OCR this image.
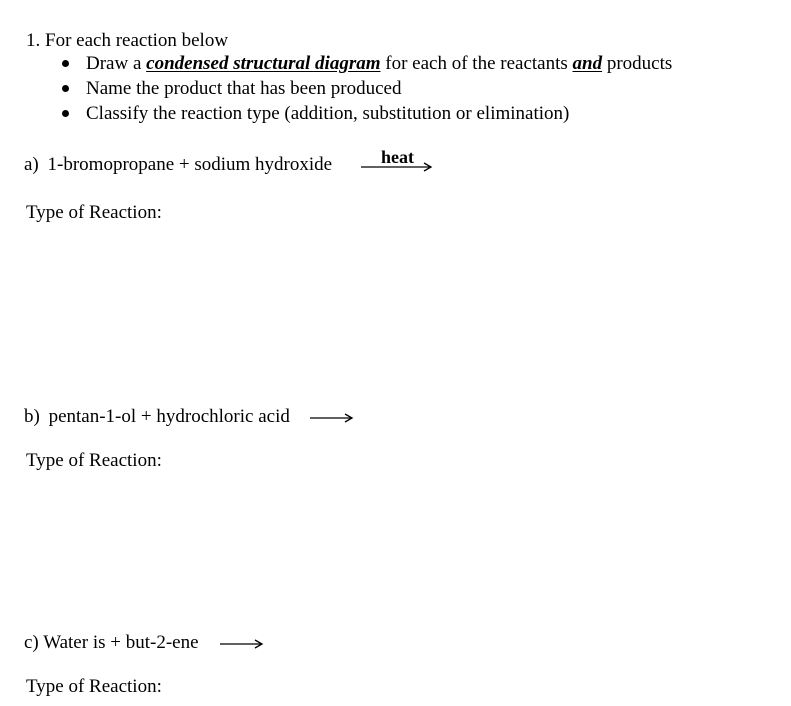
1. For each reaction below
Draw a condensed structural diagram for each of the reactants and products
Name the product that has been produced
Classify the reaction type (addition, substitution or elimination)
a) 1-bromopropane + sodium hydroxide	heat
Type of Reaction:
b) pentan-1-ol + hydrochloric acid
Type of Reaction:
c) Water is + but-2-ene
Type of Reaction:
